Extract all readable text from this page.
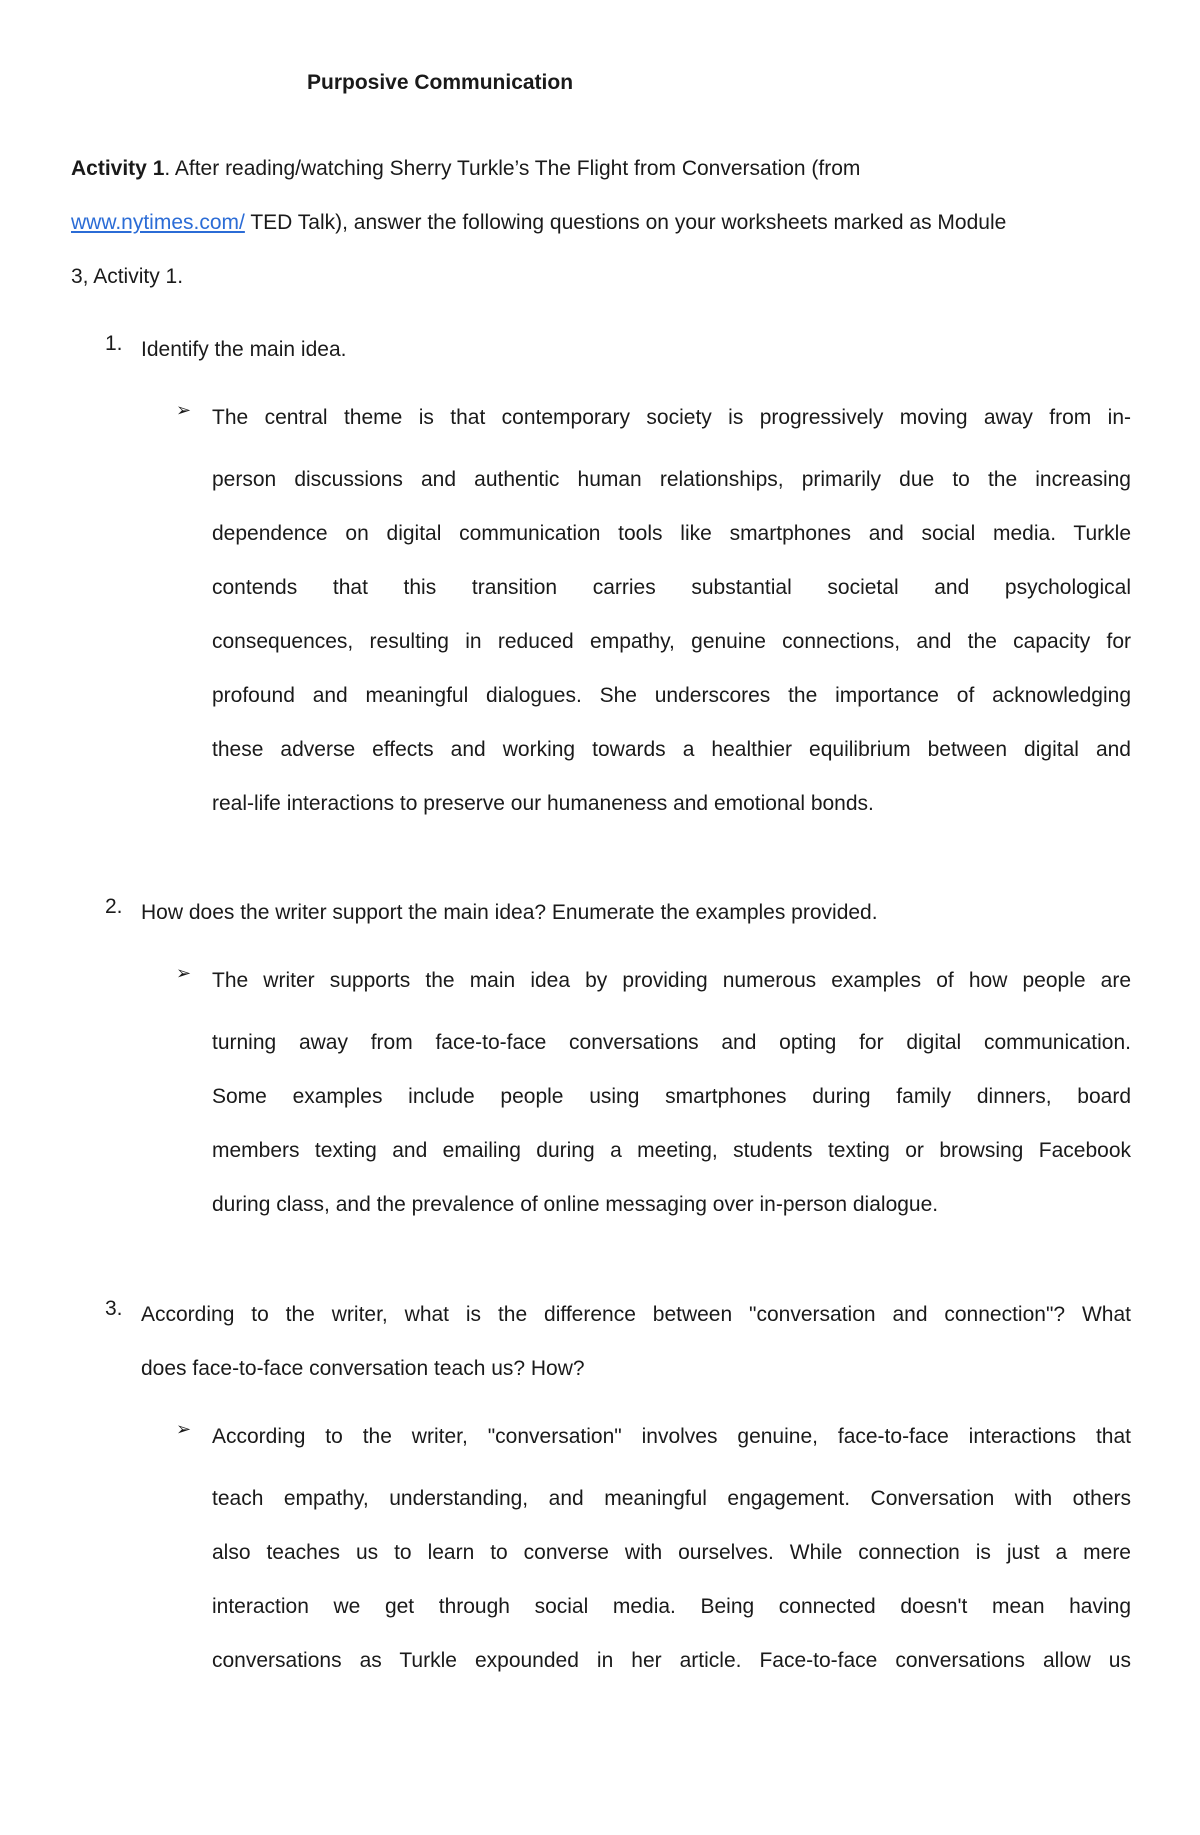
Purposive Communication
Activity 1. After reading/watching Sherry Turkle’s The Flight from Conversation (from
www.nytimes.com/ TED Talk), answer the following questions on your worksheets marked as Module
3, Activity 1.
1. Identify the main idea.
➢ The central theme is that contemporary society is progressively moving away from in-
person discussions and authentic human relationships, primarily due to the increasing
dependence on digital communication tools like smartphones and social media. Turkle
contends that this transition carries substantial societal and psychological
consequences, resulting in reduced empathy, genuine connections, and the capacity for
profound and meaningful dialogues. She underscores the importance of acknowledging
these adverse effects and working towards a healthier equilibrium between digital and
real-life interactions to preserve our humaneness and emotional bonds.
2. How does the writer support the main idea? Enumerate the examples provided.
➢ The writer supports the main idea by providing numerous examples of how people are
turning away from face-to-face conversations and opting for digital communication.
Some examples include people using smartphones during family dinners, board
members texting and emailing during a meeting, students texting or browsing Facebook
during class, and the prevalence of online messaging over in-person dialogue.
3. According to the writer, what is the difference between "conversation and connection"? What
does face-to-face conversation teach us? How?
➢ According to the writer, "conversation" involves genuine, face-to-face interactions that
teach empathy, understanding, and meaningful engagement. Conversation with others
also teaches us to learn to converse with ourselves. While connection is just a mere
interaction we get through social media. Being connected doesn't mean having
conversations as Turkle expounded in her article. Face-to-face conversations allow us
